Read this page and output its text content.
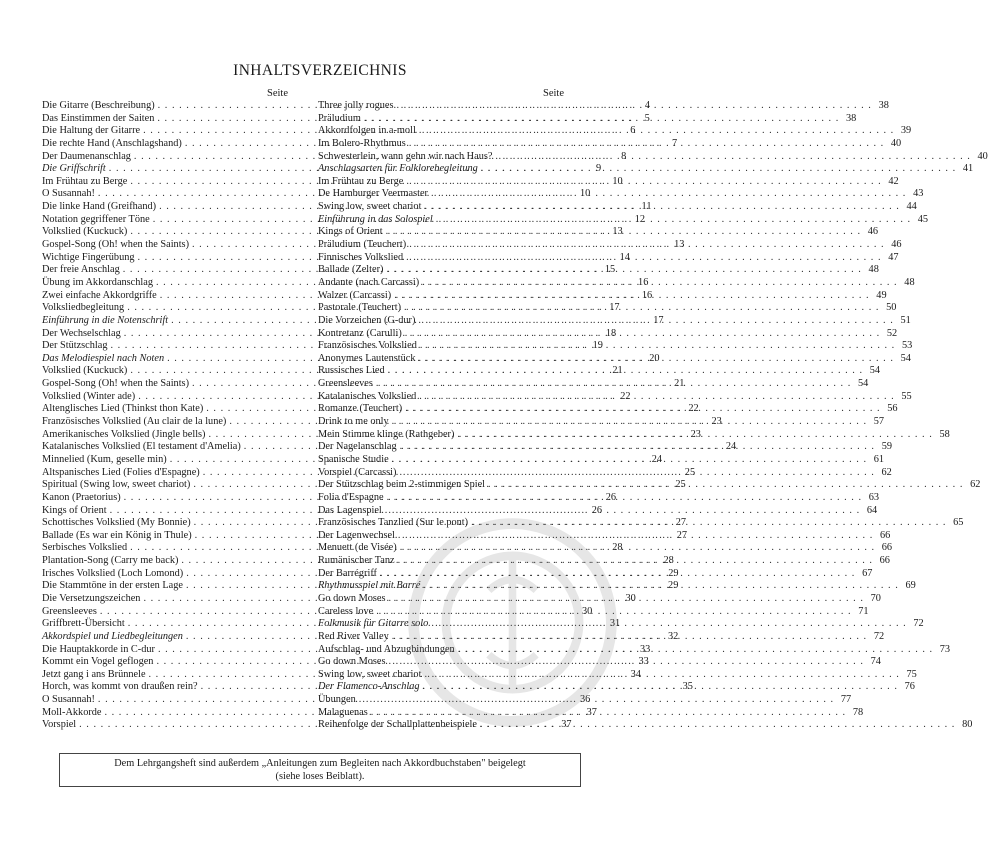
INHALTSVERZEICHNIS
Seite
Die Gitarre (Beschreibung) . . .	4
Das Einstimmen der Saiten . . .	5
Die Haltung der Gitarre . . .	6
Die rechte Hand (Anschlagshand) . . .	7
Der Daumenanschlag . . .	8
Die Griffschrift . . .	9
Im Frühtau zu Berge . . .	10
O Susannah! . . .	10
Die linke Hand (Greifhand) . . .	11
Notation gegriffener Töne . . .	12
Volkslied (Kuckuck) . . .	13
Gospel-Song (Oh! when the Saints) . . .	13
Wichtige Fingerübung . . .	14
Der freie Anschlag . . .	15
Übung im Akkordanschlag . . .	16
Zwei einfache Akkordgriffe . . .	16
Volksliedbegleitung . . .	17
Einführung in die Notenschrift . . .	17
Der Wechselschlag . . .	18
Der Stützschlag . . .	19
Das Melodiespiel nach Noten . . .	20
Volkslied (Kuckuck) . . .	21
Gospel-Song (Oh! when the Saints) . . .	21
Volkslied (Winter ade) . . .	22
Altenglisches Lied (Thinkst thon Kate) . . .	22
Französisches Volkslied (Au clair de la lune) . . .	23
Amerikanisches Volkslied (Jingle bells) . . .	23
Katalanisches Volkslied (El testament d'Amelia) . . .	24
Minnelied (Kum, geselle min) . . .	24
Altspanisches Lied (Folies d'Espagne) . . .	25
Spiritual (Swing low, sweet chariot) . . .	25
Kanon (Praetorius) . . .	26
Kings of Orient . . .	26
Schottisches Volkslied (My Bonnie) . . .	27
Ballade (Es war ein König in Thule) . . .	27
Serbisches Volkslied . . .	28
Plantation-Song (Carry me back) . . .	28
Irisches Volkslied (Loch Lomond) . . .	29
Die Stammtöne in der ersten Lage . . .	29
Die Versetzungszeichen . . .	30
Greensleeves . . .	30
Griffbrett-Übersicht . . .	31
Akkordspiel und Liedbegleitungen . . .	32
Die Hauptakkorde in C-dur . . .	33
Kommt ein Vogel geflogen . . .	33
Jetzt gang i ans Brünnele . . .	34
Horch, was kommt von draußen rein? . . .	35
O Susannah! . . .	36
Moll-Akkorde . . .	37
Vorspiel . . .	37
Seite
Three jolly rogues . . .	38
Präludium . . .	38
Akkordfolgen in a-moll . . .	39
Im Bolero-Rhythmus . . .	40
Schwesterlein, wann gehn wir nach Haus? . . .	40
Anschlagsarten für Folklorebegleitung . . .	41
Im Frühtau zu Berge . . .	42
De Hamburger Veermaster . . .	43
Swing low, sweet chariot . . .	44
Einführung in das Solospiel . . .	45
Kings of Orient . . .	46
Präludium (Teuchert) . . .	46
Finnisches Volkslied . . .	47
Ballade (Zelter) . . .	48
Andante (nach Carcassi) . . .	48
Walzer (Carcassi) . . .	49
Pastorale (Teuchert) . . .	50
Die Vorzeichen (G-dur) . . .	51
Kontretanz (Carulli) . . .	52
Französisches Volkslied . . .	53
Anonymes Lautenstück . . .	54
Russisches Lied . . .	54
Greensleeves . . .	54
Katalanisches Volkslied . . .	55
Romanze (Teuchert) . . .	56
Drink to me only . . .	57
Mein Stimme klinge (Rathgeber) . . .	58
Der Nagelanschlag . . .	59
Spanische Studie . . .	61
Vorspiel (Carcassi) . . .	62
Der Stützschlag beim 2-stimmigen Spiel . . .	62
Folia d'Espagne . . .	63
Das Lagenspiel . . .	64
Französisches Tanzlied (Sur le pont) . . .	65
Der Lagenwechsel . . .	66
Menuett (de Visée) . . .	66
Rumänischer Tanz . . .	66
Der Barrégriff . . .	67
Rhythmusspiel mit Barré . . .	69
Go down Moses . . .	70
Careless love . . .	71
Folkmusik für Gitarre solo . . .	72
Red River Valley . . .	72
Aufschlag- und Abzugbindungen . . .	73
Go down Moses . . .	74
Swing low, sweet chariot . . .	75
Der Flamenco-Anschlag . . .	76
Übungen . . .	77
Malaguenas . . .	78
Reihenfolge der Schallplattenbeispiele . . .	80
Dem Lehrgangsheft sind außerdem „Anleitungen zum Begleiten nach Akkordbuchstaben" beigelegt
(siehe loses Beiblatt).
